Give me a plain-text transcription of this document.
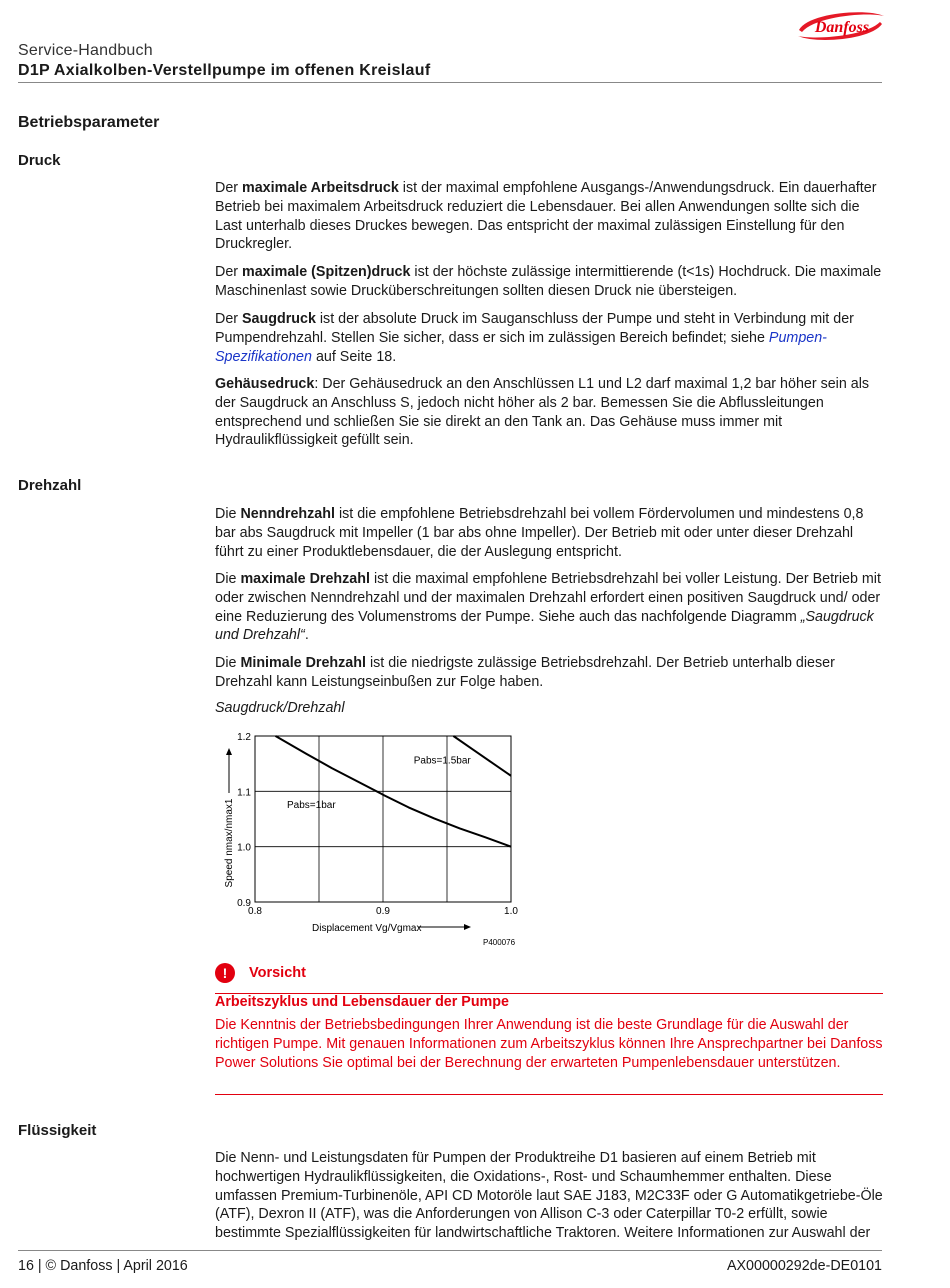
Danfoss
Service-Handbuch
D1P Axialkolben-Verstellpumpe im offenen Kreislauf
Betriebsparameter
Druck

Der maximale Arbeitsdruck ist der maximal empfohlene Ausgangs-/Anwendungsdruck. Ein dauerhafter Betrieb bei maximalem Arbeitsdruck reduziert die Lebensdauer. Bei allen Anwendungen sollte sich die Last unterhalb dieses Druckes bewegen. Das entspricht der maximal zulässigen Einstellung für den Druckregler.

Der maximale (Spitzen)druck ist der höchste zulässige intermittierende (t<1s) Hochdruck. Die maximale Maschinenlast sowie Drucküberschreitungen sollten diesen Druck nie übersteigen.

Der Saugdruck ist der absolute Druck im Sauganschluss der Pumpe und steht in Verbindung mit der Pumpendrehzahl. Stellen Sie sicher, dass er sich im zulässigen Bereich befindet; siehe Pumpen-Spezifikationen auf Seite 18.

Gehäusedruck: Der Gehäusedruck an den Anschlüssen L1 und L2 darf maximal 1,2 bar höher sein als der Saugdruck an Anschluss S, jedoch nicht höher als 2 bar. Bemessen Sie die Abflussleitungen entsprechend und schließen Sie sie direkt an den Tank an. Das Gehäuse muss immer mit Hydraulikflüssigkeit gefüllt sein.

Drehzahl

Die Nenndrehzahl ist die empfohlene Betriebsdrehzahl bei vollem Fördervolumen und mindestens 0,8 bar abs Saugdruck mit Impeller (1 bar abs ohne Impeller). Der Betrieb mit oder unter dieser Drehzahl führt zu einer Produktlebensdauer, die der Auslegung entspricht.

Die maximale Drehzahl ist die maximal empfohlene Betriebsdrehzahl bei voller Leistung. Der Betrieb mit oder zwischen Nenndrehzahl und der maximalen Drehzahl erfordert einen positiven Saugdruck und/ oder eine Reduzierung des Volumenstroms der Pumpe. Siehe auch das nachfolgende Diagramm „Saugdruck und Drehzahl“.

Die Minimale Drehzahl ist die niedrigste zulässige Betriebsdrehzahl. Der Betrieb unterhalb dieser Drehzahl kann Leistungseinbußen zur Folge haben.

Saugdruck/Drehzahl
Pabs=1bar
Pabs=1.5bar
0.8	0.9	1.0
0.9
1.0
1.1
1.2
Displacement Vg/Vgmax
Speed nmax/nmax1
P400076
!	Vorsicht
Arbeitszyklus und Lebensdauer der Pumpe

Die Kenntnis der Betriebsbedingungen Ihrer Anwendung ist die beste Grundlage für die Auswahl der richtigen Pumpe. Mit genauen Informationen zum Arbeitszyklus können Ihre Ansprechpartner bei Danfoss Power Solutions Sie optimal bei der Berechnung der erwarteten Pumpenlebensdauer unterstützen.

Flüssigkeit

Die Nenn- und Leistungsdaten für Pumpen der Produktreihe D1 basieren auf einem Betrieb mit hochwertigen Hydraulikflüssigkeiten, die Oxidations-, Rost- und Schaumhemmer enthalten. Diese umfassen Premium-Turbinenöle, API CD Motoröle laut SAE J183, M2C33F oder G Automatikgetriebe-Öle (ATF), Dexron II (ATF), was die Anforderungen von Allison C-3 oder Caterpillar T0-2 erfüllt, sowie bestimmte Spezialflüssigkeiten für landwirtschaftliche Traktoren. Weitere Informationen zur Auswahl der

16 | © Danfoss | April 2016	AX00000292de-DE0101
